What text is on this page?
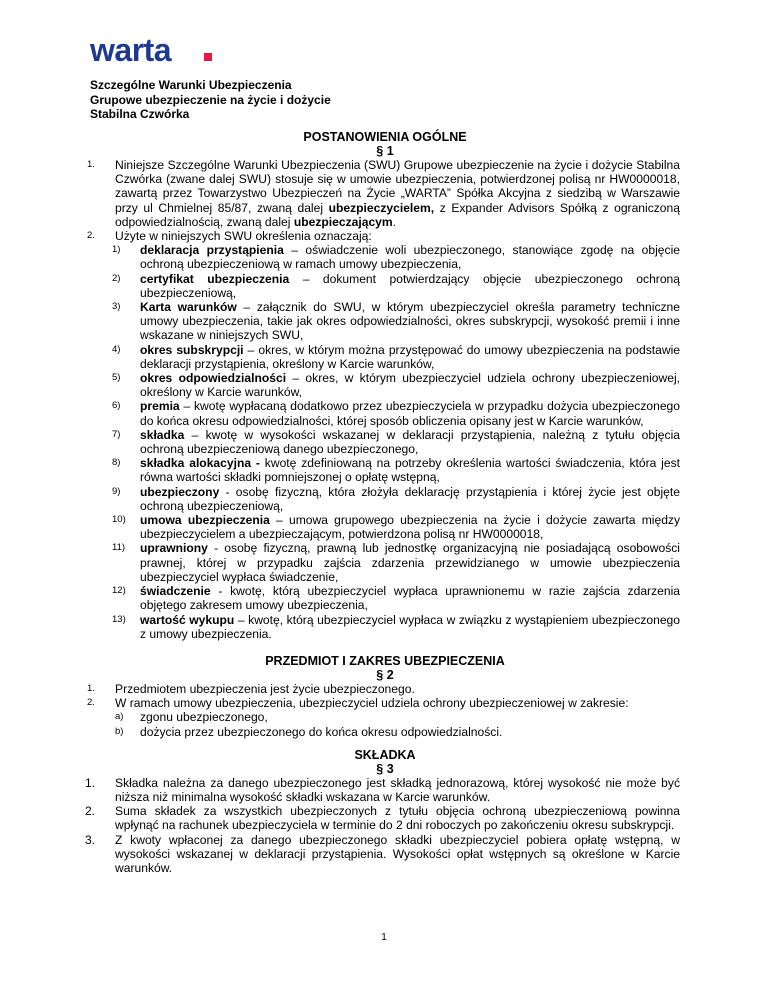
warta
Szczególne Warunki Ubezpieczenia
Grupowe ubezpieczenie na życie i dożycie
Stabilna Czwórka
POSTANOWIENIA OGÓLNE
§ 1
1. Niniejsze Szczególne Warunki Ubezpieczenia (SWU) Grupowe ubezpieczenie na życie i dożycie Stabilna Czwórka (zwane dalej SWU) stosuje się w umowie ubezpieczenia, potwierdzonej polisą nr HW0000018, zawartą przez Towarzystwo Ubezpieczeń na Życie „WARTA” Spółka Akcyjna z siedzibą w Warszawie przy ul Chmielnej 85/87, zwaną dalej ubezpieczycielem, z Expander Advisors Spółką z ograniczoną odpowiedzialnością, zwaną dalej ubezpieczającym.
2. Użyte w niniejszych SWU określenia oznaczają:
1) deklaracja przystąpienia – oświadczenie woli ubezpieczonego, stanowiące zgodę na objęcie ochroną ubezpieczeniową w ramach umowy ubezpieczenia,
2) certyfikat ubezpieczenia – dokument potwierdzający objęcie ubezpieczonego ochroną ubezpieczeniową,
3) Karta warunków – załącznik do SWU, w którym ubezpieczyciel określa parametry techniczne umowy ubezpieczenia, takie jak okres odpowiedzialności, okres subskrypcji, wysokość premii i inne wskazane w niniejszych SWU,
4) okres subskrypcji – okres, w którym można przystępować do umowy ubezpieczenia na podstawie deklaracji przystąpienia, określony w Karcie warunków,
5) okres odpowiedzialności – okres, w którym ubezpieczyciel udziela ochrony ubezpieczeniowej, określony w Karcie warunków,
6) premia – kwotę wypłacaną dodatkowo przez ubezpieczyciela w przypadku dożycia ubezpieczonego do końca okresu odpowiedzialności, której sposób obliczenia opisany jest w Karcie warunków,
7) składka – kwotę w wysokości wskazanej w deklaracji przystąpienia, należną z tytułu objęcia ochroną ubezpieczeniową danego ubezpieczonego,
8) składka alokacyjna - kwotę zdefiniowaną na potrzeby określenia wartości świadczenia, która jest równa wartości składki pomniejszonej o opłatę wstępną,
9) ubezpieczony - osobę fizyczną, która złożyła deklarację przystąpienia i której życie jest objęte ochroną ubezpieczeniową,
10) umowa ubezpieczenia – umowa grupowego ubezpieczenia na życie i dożycie zawarta między ubezpieczycielem a ubezpieczającym, potwierdzona polisą nr HW0000018,
11) uprawniony - osobę fizyczną, prawną lub jednostkę organizacyjną nie posiadającą osobowości prawnej, której w przypadku zajścia zdarzenia przewidzianego w umowie ubezpieczenia ubezpieczyciel wypłaca świadczenie,
12) świadczenie - kwotę, którą ubezpieczyciel wypłaca uprawnionemu w razie zajścia zdarzenia objętego zakresem umowy ubezpieczenia,
13) wartość wykupu – kwotę, którą ubezpieczyciel wypłaca w związku z wystąpieniem ubezpieczonego z umowy ubezpieczenia.
PRZEDMIOT I ZAKRES UBEZPIECZENIA
§ 2
1. Przedmiotem ubezpieczenia jest życie ubezpieczonego.
2. W ramach umowy ubezpieczenia, ubezpieczyciel udziela ochrony ubezpieczeniowej w zakresie:
a) zgonu ubezpieczonego,
b) dożycia przez ubezpieczonego do końca okresu odpowiedzialności.
SKŁADKA
§ 3
1. Składka należna za danego ubezpieczonego jest składką jednorazową, której wysokość nie może być niższa niż minimalna wysokość składki wskazana w Karcie warunków.
2. Suma składek za wszystkich ubezpieczonych z tytułu objęcia ochroną ubezpieczeniową powinna wpłynąć na rachunek ubezpieczyciela w terminie do 2 dni roboczych po zakończeniu okresu subskrypcji.
3. Z kwoty wpłaconej za danego ubezpieczonego składki ubezpieczyciel pobiera opłatę wstępną, w wysokości wskazanej w deklaracji przystąpienia. Wysokości opłat wstępnych są określone w Karcie warunków.
1
